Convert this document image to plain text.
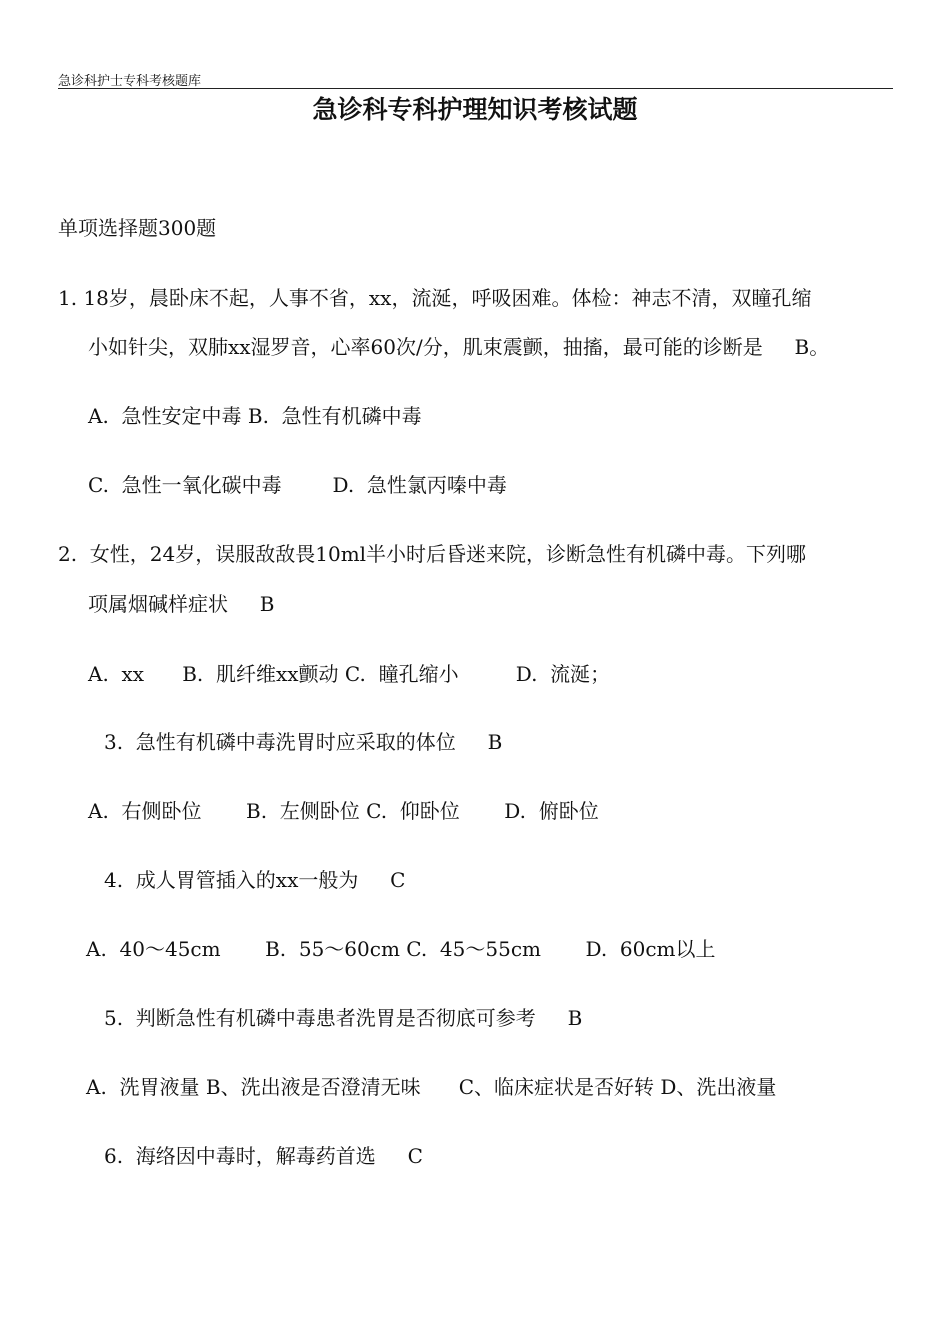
急诊科护士专科考核题库
急诊科专科护理知识考核试题
单项选择题300题
1. 18岁，晨卧床不起，人事不省，xx，流涎，呼吸困难。体检：神志不清，双瞳孔缩
小如针尖，双肺xx湿罗音，心率60次/分，肌束震颤，抽搐，最可能的诊断是     B。
A.  急性安定中毒 B.  急性有机磷中毒
C.  急性一氧化碳中毒        D.  急性氯丙嗪中毒
2.  女性，24岁，误服敌敌畏10ml半小时后昏迷来院，诊断急性有机磷中毒。下列哪
项属烟碱样症状     B
A.  xx      B.  肌纤维xx颤动 C.  瞳孔缩小         D.  流涎；
3.  急性有机磷中毒洗胃时应采取的体位     B
A.  右侧卧位       B.  左侧卧位 C.  仰卧位       D.  俯卧位
4.  成人胃管插入的xx一般为     C
A.  40～45cm       B.  55～60cm C.  45～55cm       D.  60cm以上
5.  判断急性有机磷中毒患者洗胃是否彻底可参考     B
A.  洗胃液量 B、洗出液是否澄清无味      C、临床症状是否好转 D、洗出液量
6.  海络因中毒时，解毒药首选     C
